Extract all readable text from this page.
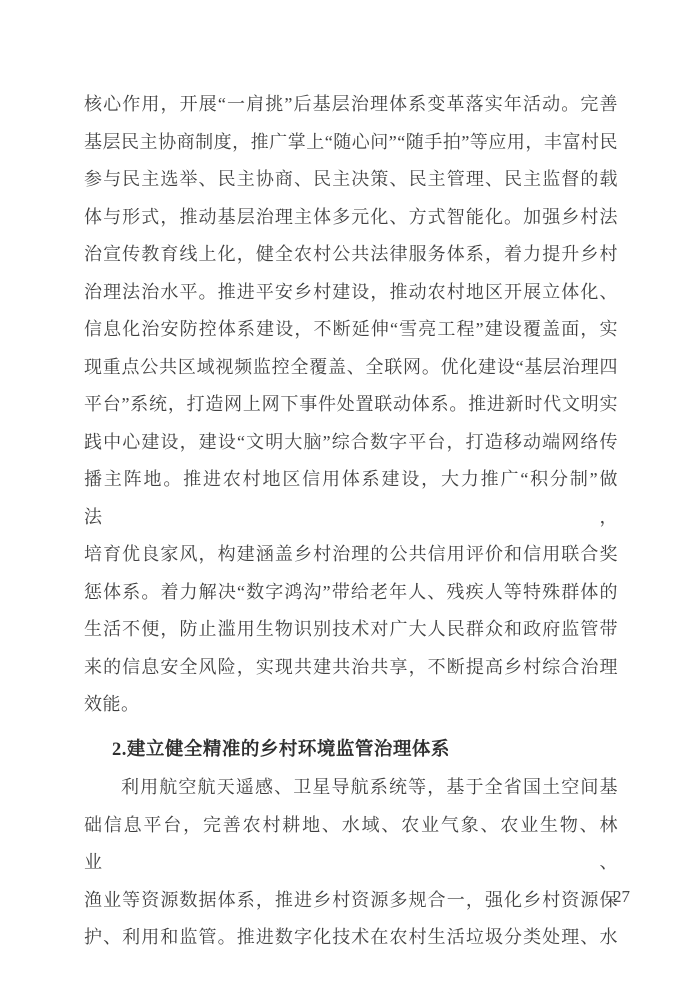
核心作用，开展“一肩挑”后基层治理体系变革落实年活动。完善

基层民主协商制度，推广掌上“随心问”“随手拍”等应用，丰富村民

参与民主选举、民主协商、民主决策、民主管理、民主监督的载

体与形式，推动基层治理主体多元化、方式智能化。加强乡村法

治宣传教育线上化，健全农村公共法律服务体系，着力提升乡村

治理法治水平。推进平安乡村建设，推动农村地区开展立体化、

信息化治安防控体系建设，不断延伸“雪亮工程”建设覆盖面，实

现重点公共区域视频监控全覆盖、全联网。优化建设“基层治理四

平台”系统，打造网上网下事件处置联动体系。推进新时代文明实

践中心建设，建设“文明大脑”综合数字平台，打造移动端网络传

播主阵地。推进农村地区信用体系建设，大力推广“积分制”做法，

培育优良家风，构建涵盖乡村治理的公共信用评价和信用联合奖

惩体系。着力解决“数字鸿沟”带给老年人、残疾人等特殊群体的

生活不便，防止滥用生物识别技术对广大人民群众和政府监管带

来的信息安全风险，实现共建共治共享，不断提高乡村综合治理

效能。

2.建立健全精准的乡村环境监管治理体系

利用航空航天遥感、卫星导航系统等，基于全省国土空间基

础信息平台，完善农村耕地、水域、农业气象、农业生物、林业、

渔业等资源数据体系，推进乡村资源多规合一，强化乡村资源保

护、利用和监管。推进数字化技术在农村生活垃圾分类处理、水

27
